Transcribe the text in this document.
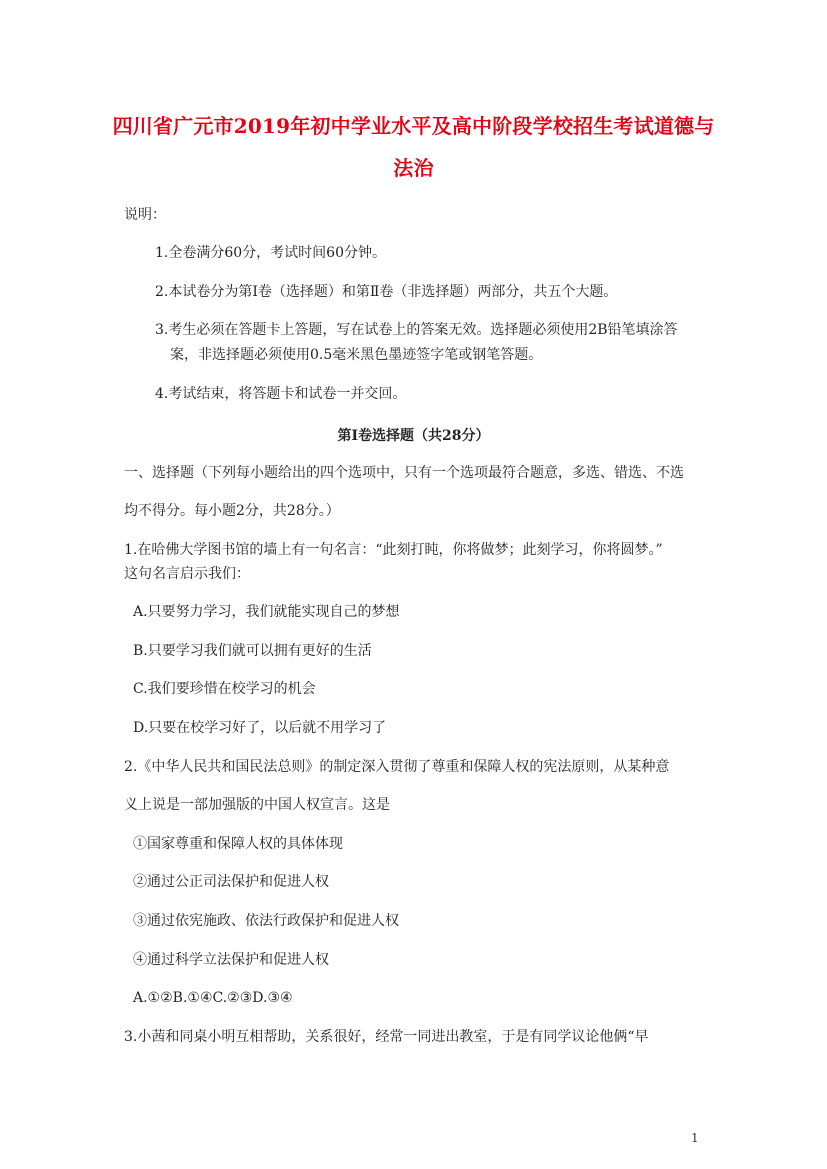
四川省广元市2019年初中学业水平及高中阶段学校招生考试道德与
法治
说明：
1.全卷满分60分，考试时间60分钟。
2.本试卷分为第Ⅰ卷（选择题）和第Ⅱ卷（非选择题）两部分，共五个大题。
3.考生必须在答题卡上答题，写在试卷上的答案无效。选择题必须使用2B铅笔填涂答
案，非选择题必须使用0.5毫米黑色墨迹签字笔或钢笔答题。
4.考试结束，将答题卡和试卷一并交回。
第Ⅰ卷选择题（共28分）
一、选择题（下列每小题给出的四个选项中，只有一个选项最符合题意，多选、错选、不选
均不得分。每小题2分，共28分。）
1.在哈佛大学图书馆的墙上有一句名言：“此刻打盹，你将做梦；此刻学习，你将圆梦。”
这句名言启示我们：
A.只要努力学习，我们就能实现自己的梦想
B.只要学习我们就可以拥有更好的生活
C.我们要珍惜在校学习的机会
D.只要在校学习好了，以后就不用学习了
2.《中华人民共和国民法总则》的制定深入贯彻了尊重和保障人权的宪法原则，从某种意
义上说是一部加强版的中国人权宣言。这是
①国家尊重和保障人权的具体体现
②通过公正司法保护和促进人权
③通过依宪施政、依法行政保护和促进人权
④通过科学立法保护和促进人权
A.①②B.①④C.②③D.③④
3.小茜和同桌小明互相帮助，关系很好，经常一同进出教室，于是有同学议论他俩“早
1
